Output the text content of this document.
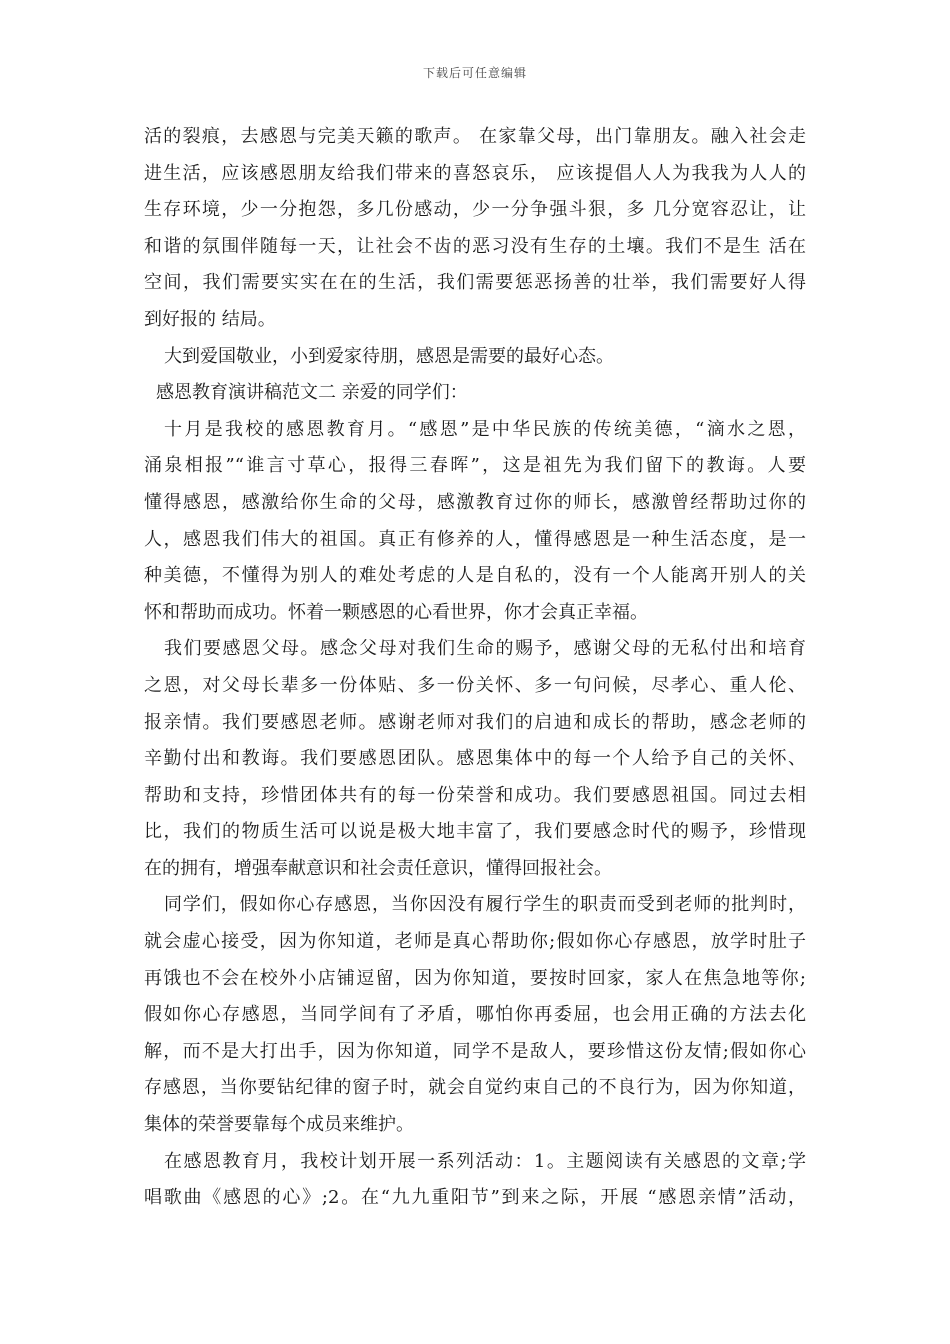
下载后可任意编辑
活的裂痕，去感恩与完美天籁的歌声。 在家靠父母，出门靠朋友。融入社会走
进生活，应该感恩朋友给我们带来的喜怒哀乐， 应该提倡人人为我我为人人的
生存环境，少一分抱怨，多几份感动，少一分争强斗狠，多 几分宽容忍让，让
和谐的氛围伴随每一天，让社会不齿的恶习没有生存的土壤。我们不是生 活在
空间，我们需要实实在在的生活，我们需要惩恶扬善的壮举，我们需要好人得
到好报的 结局。
大到爱国敬业，小到爱家待朋，感恩是需要的最好心态。
感恩教育演讲稿范文二 亲爱的同学们：
十月是我校的感恩教育月。“感恩”是中华民族的传统美德，“滴水之恩，
涌泉相报”“谁言寸草心，报得三春晖”，这是祖先为我们留下的教诲。人要
懂得感恩，感激给你生命的父母，感激教育过你的师长，感激曾经帮助过你的
人，感恩我们伟大的祖国。真正有修养的人，懂得感恩是一种生活态度，是一
种美德，不懂得为别人的难处考虑的人是自私的，没有一个人能离开别人的关
怀和帮助而成功。怀着一颗感恩的心看世界，你才会真正幸福。
我们要感恩父母。感念父母对我们生命的赐予，感谢父母的无私付出和培育
之恩，对父母长辈多一份体贴、多一份关怀、多一句问候，尽孝心、重人伦、
报亲情。我们要感恩老师。感谢老师对我们的启迪和成长的帮助，感念老师的
辛勤付出和教诲。我们要感恩团队。感恩集体中的每一个人给予自己的关怀、
帮助和支持，珍惜团体共有的每一份荣誉和成功。我们要感恩祖国。同过去相
比，我们的物质生活可以说是极大地丰富了，我们要感念时代的赐予，珍惜现
在的拥有，增强奉献意识和社会责任意识，懂得回报社会。
同学们，假如你心存感恩，当你因没有履行学生的职责而受到老师的批判时，
就会虚心接受，因为你知道，老师是真心帮助你;假如你心存感恩，放学时肚子
再饿也不会在校外小店铺逗留，因为你知道，要按时回家，家人在焦急地等你;
假如你心存感恩，当同学间有了矛盾，哪怕你再委屈，也会用正确的方法去化
解，而不是大打出手，因为你知道，同学不是敌人，要珍惜这份友情;假如你心
存感恩，当你要钻纪律的窗子时，就会自觉约束自己的不良行为，因为你知道，
集体的荣誉要靠每个成员来维护。
在感恩教育月，我校计划开展一系列活动：1。主题阅读有关感恩的文章;学
唱歌曲《感恩的心》;2。在“九九重阳节”到来之际，开展 “感恩亲情”活动，
